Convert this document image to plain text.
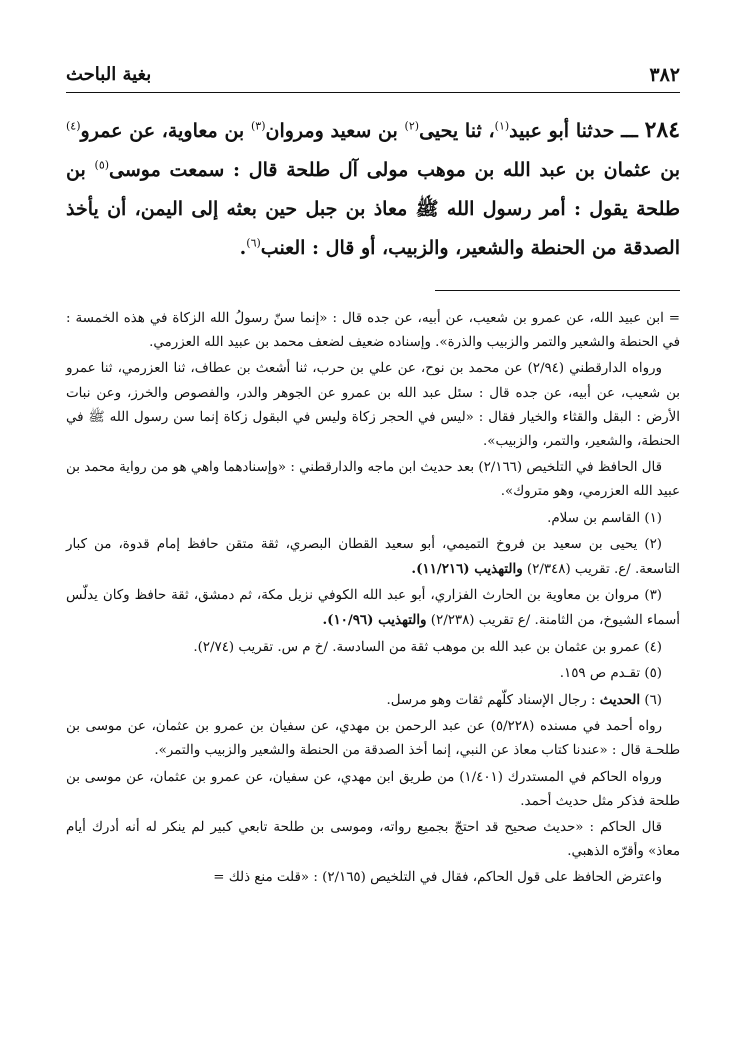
٣٨٢
بغية الباحث
٢٨٤ ـــ حدثنا أبو عبيد$^{(١)}$، ثنا يحيى$^{(٢)}$ بن سعيد ومروان$^{(٣)}$ بن معاوية، عن عمرو$^{(٤)}$ بن عثمان بن عبد الله بن موهب مولى آل طلحة قال : سمعت موسى$^{(٥)}$ بن طلحة يقول : أمر رسول الله ﷺ معاذ بن جبل حين بعثه إلى اليمن، أن يأخذ الصدقة من الحنطة والشعير، والزبيب، أو قال : العنب$^{(٦)}$.

= ابن عبيد الله، عن عمرو بن شعيب، عن أبيه، عن جده قال : «إنما سنّ رسولُ الله الزكاة في هذه الخمسة : في الحنطة والشعير والتمر والزبيب والذرة». وإسناده ضعيف لضعف محمد بن عبيد الله العزرمي.

ورواه الدارقطني (٢/٩٤) عن محمد بن نوح، عن علي بن حرب، ثنا أشعث بن عطاف، ثنا العزرمي، ثنا عمرو بن شعيب، عن أبيه، عن جده قال : سئل عبد الله بن عمرو عن الجوهر والدر، والفصوص والخرز، وعن نبات الأرض : البقل والقثاء والخيار فقال : «ليس في الحجر زكاة وليس في البقول زكاة إنما سن رسول الله ﷺ في الحنطة، والشعير، والتمر، والزبيب».

قال الحافظ في التلخيص (٢/١٦٦) بعد حديث ابن ماجه والدارقطني : «وإسنادهما واهي هو من رواية محمد بن عبيد الله العزرمي، وهو متروك».

(١) القاسم بن سلام.

(٢) يحيى بن سعيد بن فروخ التميمي، أبو سعيد القطان البصري، ثقة متقن حافظ إمام قدوة، من كبار التاسعة. /ع. تقريب (٢/٣٤٨) والتهذيب (١١/٢١٦).

(٣) مروان بن معاوية بن الحارث الفزاري، أبو عبد الله الكوفي نزيل مكة، ثم دمشق، ثقة حافظ وكان يدلّس أسماء الشيوخ، من الثامنة. /ع تقريب (٢/٢٣٨) والتهذيب (١٠/٩٦).

(٤) عمرو بن عثمان بن عبد الله بن موهب ثقة من السادسة. /خ م س. تقريب (٢/٧٤).

(٥) تقـدم ص ١٥٩.

(٦) الحديث : رجال الإسناد كلّهم ثقات وهو مرسل.

رواه أحمد في مسنده (٥/٢٢٨) عن عبد الرحمن بن مهدي، عن سفيان بن عمرو بن عثمان، عن موسى بن طلحـة قال : «عندنا كتاب معاذ عن النبي، إنما أخذ الصدقة من الحنطة والشعير والزبيب والتمر».

ورواه الحاكم في المستدرك (١/٤٠١) من طريق ابن مهدي، عن سفيان، عن عمرو بن عثمان، عن موسى بن طلحة فذكر مثل حديث أحمد.

قال الحاكم : «حديث صحيح قد احتجّ بجميع رواته، وموسى بن طلحة تابعي كبير لم ينكر له أنه أدرك أيام معاذ» وأقرّه الذهبي.

واعترض الحافظ على قول الحاكم، فقال في التلخيص (٢/١٦٥) : «قلت منع ذلك =
